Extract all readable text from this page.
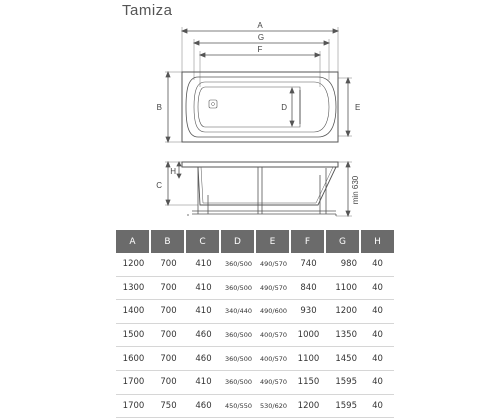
Tamiza
A
G
F
B	D	E
C
H
min 630
A	B	C	D	E	F	G	H
1200	700	410	360/500	490/570	740	980	40
1300	700	410	360/500	490/570	840	1100	40
1400	700	410	340/440	490/600	930	1200	40
1500	700	460	360/500	400/570	1000	1350	40
1600	700	460	360/500	400/570	1100	1450	40
1700	700	410	360/500	490/570	1150	1595	40
1700	750	460	450/550	530/620	1200	1595	40
